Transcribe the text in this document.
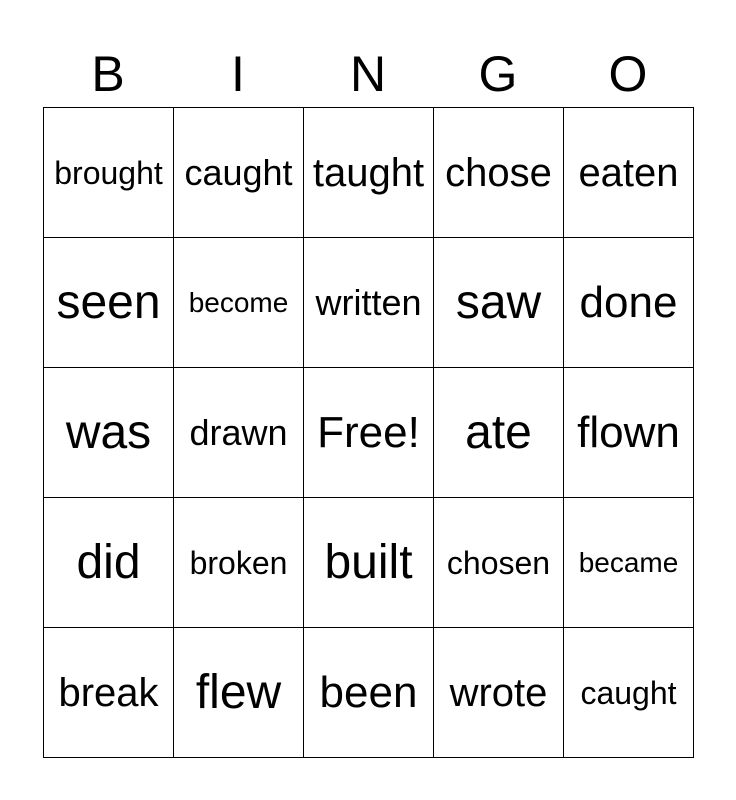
B	I	N	G	O
brought caught taught chose eaten
seen	become written saw done
was	drawn Free! ate	flown
did	broken built	chosen	became
break flew been wrote	caught
